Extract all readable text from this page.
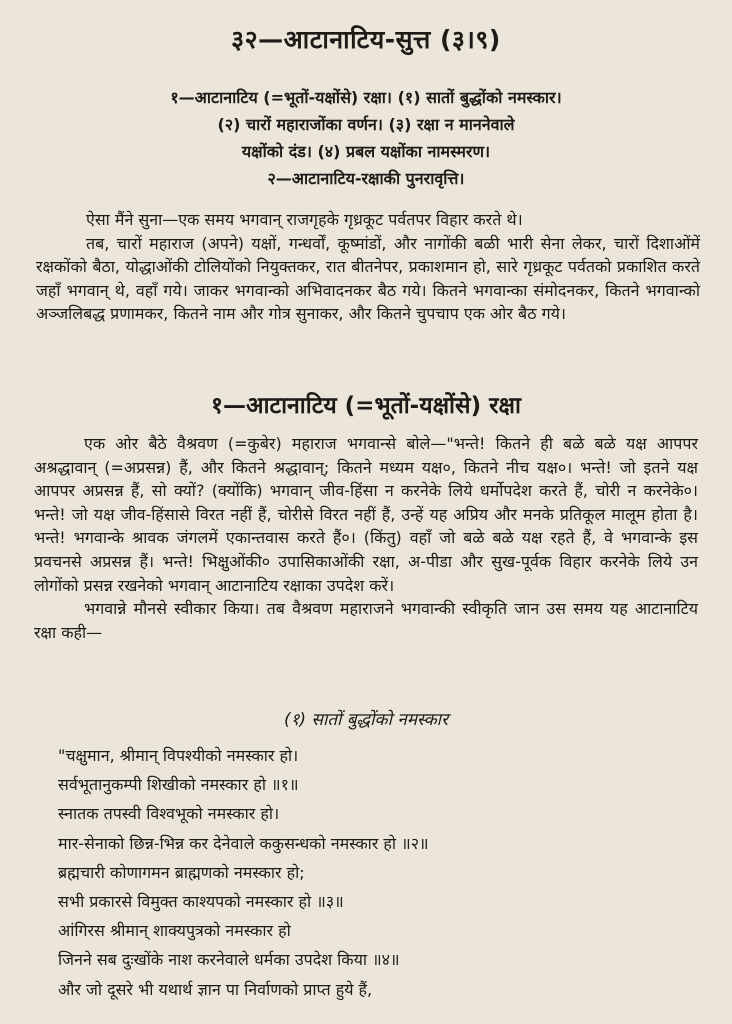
३२—आटानाटिय-सुत्त (३।९)
१—आटानाटिय (=भूतों-यक्षोंसे) रक्षा। (१) सातों बुद्धोंको नमस्कार।
(२) चारों महाराजोंका वर्णन। (३) रक्षा न माननेवाले
यक्षोंको दंड। (४) प्रबल यक्षोंका नामस्मरण।
२—आटानाटिय-रक्षाकी पुनरावृत्ति।

ऐसा मैंने सुना—एक समय भगवान् राजगृहके गृध्रकूट पर्वतपर विहार करते थे।

तब, चारों महाराज (अपने) यक्षों, गन्धर्वों, कूष्मांडों, और नागोंकी बळी भारी सेना लेकर, चारों दिशाओंमें रक्षकोंको बैठा, योद्धाओंकी टोलियोंको नियुक्तकर, रात बीतनेपर, प्रकाशमान हो, सारे गृध्रकूट पर्वतको प्रकाशित करते जहाँ भगवान् थे, वहाँ गये। जाकर भगवान्को अभिवादनकर बैठ गये। कितने भगवान्का संमोदनकर, कितने भगवान्को अञ्जलिबद्ध प्रणामकर, कितने नाम और गोत्र सुनाकर, और कितने चुपचाप एक ओर बैठ गये।

१—आटानाटिय (=भूतों-यक्षोंसे) रक्षा

एक ओर बैठे वैश्रवण (=कुबेर) महाराज भगवान्से बोले—"भन्ते! कितने ही बळे बळे यक्ष आपपर अश्रद्धावान् (=अप्रसन्न) हैं, और कितने श्रद्धावान्; कितने मध्यम यक्ष०, कितने नीच यक्ष०। भन्ते! जो इतने यक्ष आपपर अप्रसन्न हैं, सो क्यों? (क्योंकि) भगवान् जीव-हिंसा न करनेके लिये धर्मोपदेश करते हैं, चोरी न करनेके०। भन्ते! जो यक्ष जीव-हिंसासे विरत नहीं हैं, चोरीसे विरत नहीं हैं, उन्हें यह अप्रिय और मनके प्रतिकूल मालूम होता है। भन्ते! भगवान्के श्रावक जंगलमें एकान्तवास करते हैं०। (किंतु) वहाँ जो बळे बळे यक्ष रहते हैं, वे भगवान्के इस प्रवचनसे अप्रसन्न हैं। भन्ते! भिक्षुओंकी० उपासिकाओंकी रक्षा, अ-पीडा और सुख-पूर्वक विहार करनेके लिये उन लोगोंको प्रसन्न रखनेको भगवान् आटानाटिय रक्षाका उपदेश करें।

भगवान्ने मौनसे स्वीकार किया। तब वैश्रवण महाराजने भगवान्की स्वीकृति जान उस समय यह आटानाटिय रक्षा कही—

(१) सातों बुद्धोंको नमस्कार
"चक्षुमान, श्रीमान् विपश्यीको नमस्कार हो।
सर्वभूतानुकम्पी शिखीको नमस्कार हो ॥१॥
स्नातक तपस्वी विश्वभूको नमस्कार हो।
मार-सेनाको छिन्न-भिन्न कर देनेवाले ककुसन्धको नमस्कार हो ॥२॥
ब्रह्मचारी कोणागमन ब्राह्मणको नमस्कार हो;
सभी प्रकारसे विमुक्त काश्यपको नमस्कार हो ॥३॥
आंगिरस श्रीमान् शाक्यपुत्रको नमस्कार हो
जिनने सब दुःखोंके नाश करनेवाले धर्मका उपदेश किया ॥४॥
और जो दूसरे भी यथार्थ ज्ञान पा निर्वाणको प्राप्त हुये हैं,
